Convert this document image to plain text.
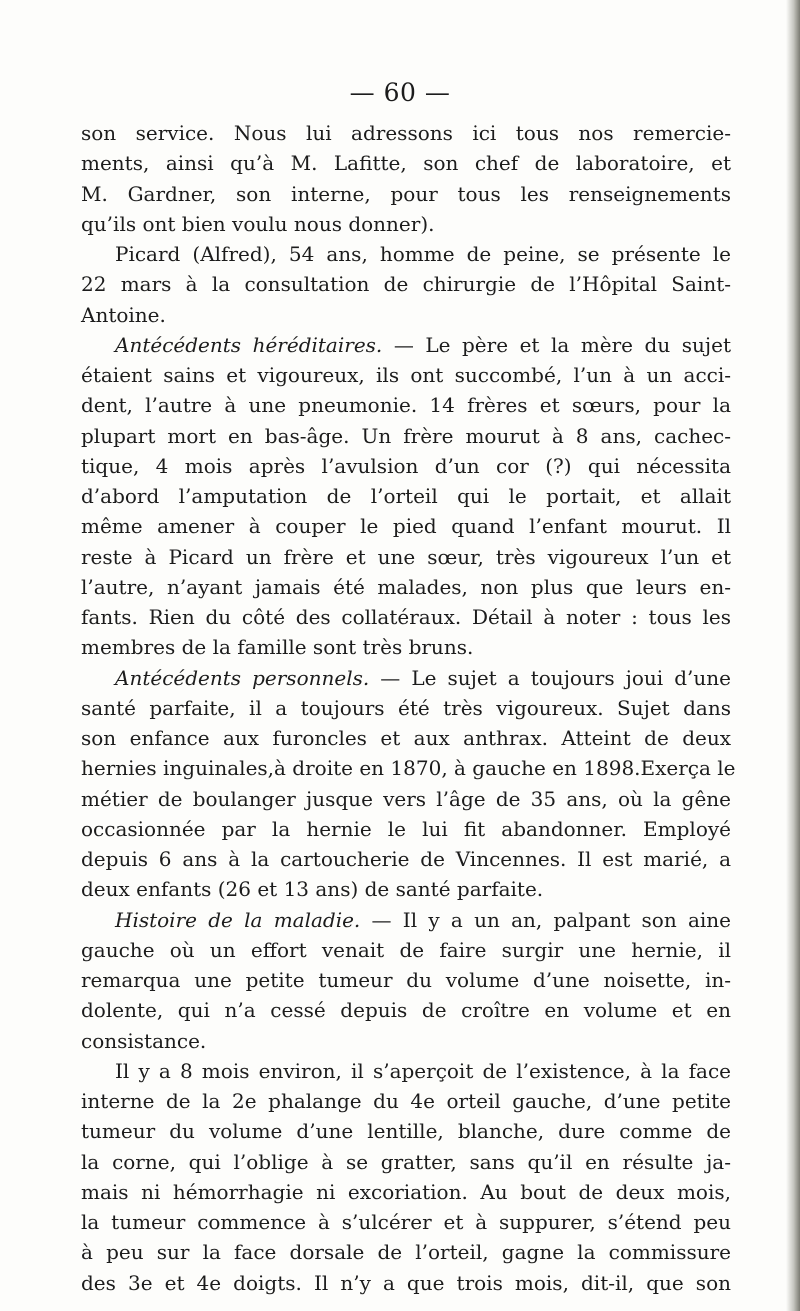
— 60 —
son service. Nous lui adressons ici tous nos remercie-
ments, ainsi qu’à M. Lafitte, son chef de laboratoire, et
M. Gardner, son interne, pour tous les renseignements
qu’ils ont bien voulu nous donner).
Picard (Alfred), 54 ans, homme de peine, se présente le
22 mars à la consultation de chirurgie de l’Hôpital Saint-
Antoine.
Antécédents héréditaires. — Le père et la mère du sujet
étaient sains et vigoureux, ils ont succombé, l’un à un acci-
dent, l’autre à une pneumonie. 14 frères et sœurs, pour la
plupart mort en bas-âge. Un frère mourut à 8 ans, cachec-
tique, 4 mois après l’avulsion d’un cor (?) qui nécessita
d’abord l’amputation de l’orteil qui le portait, et allait
même amener à couper le pied quand l’enfant mourut. Il
reste à Picard un frère et une sœur, très vigoureux l’un et
l’autre, n’ayant jamais été malades, non plus que leurs en-
fants. Rien du côté des collatéraux. Détail à noter : tous les
membres de la famille sont très bruns.
Antécédents personnels. — Le sujet a toujours joui d’une
santé parfaite, il a toujours été très vigoureux. Sujet dans
son enfance aux furoncles et aux anthrax. Atteint de deux
hernies inguinales,à droite en 1870, à gauche en 1898.Exerça le
métier de boulanger jusque vers l’âge de 35 ans, où la gêne
occasionnée par la hernie le lui fit abandonner. Employé
depuis 6 ans à la cartoucherie de Vincennes. Il est marié, a
deux enfants (26 et 13 ans) de santé parfaite.
Histoire de la maladie. — Il y a un an, palpant son aine
gauche où un effort venait de faire surgir une hernie, il
remarqua une petite tumeur du volume d’une noisette, in-
dolente, qui n’a cessé depuis de croître en volume et en
consistance.
Il y a 8 mois environ, il s’aperçoit de l’existence, à la face
interne de la 2e phalange du 4e orteil gauche, d’une petite
tumeur du volume d’une lentille, blanche, dure comme de
la corne, qui l’oblige à se gratter, sans qu’il en résulte ja-
mais ni hémorrhagie ni excoriation. Au bout de deux mois,
la tumeur commence à s’ulcérer et à suppurer, s’étend peu
à peu sur la face dorsale de l’orteil, gagne la commissure
des 3e et 4e doigts. Il n’y a que trois mois, dit-il, que son
